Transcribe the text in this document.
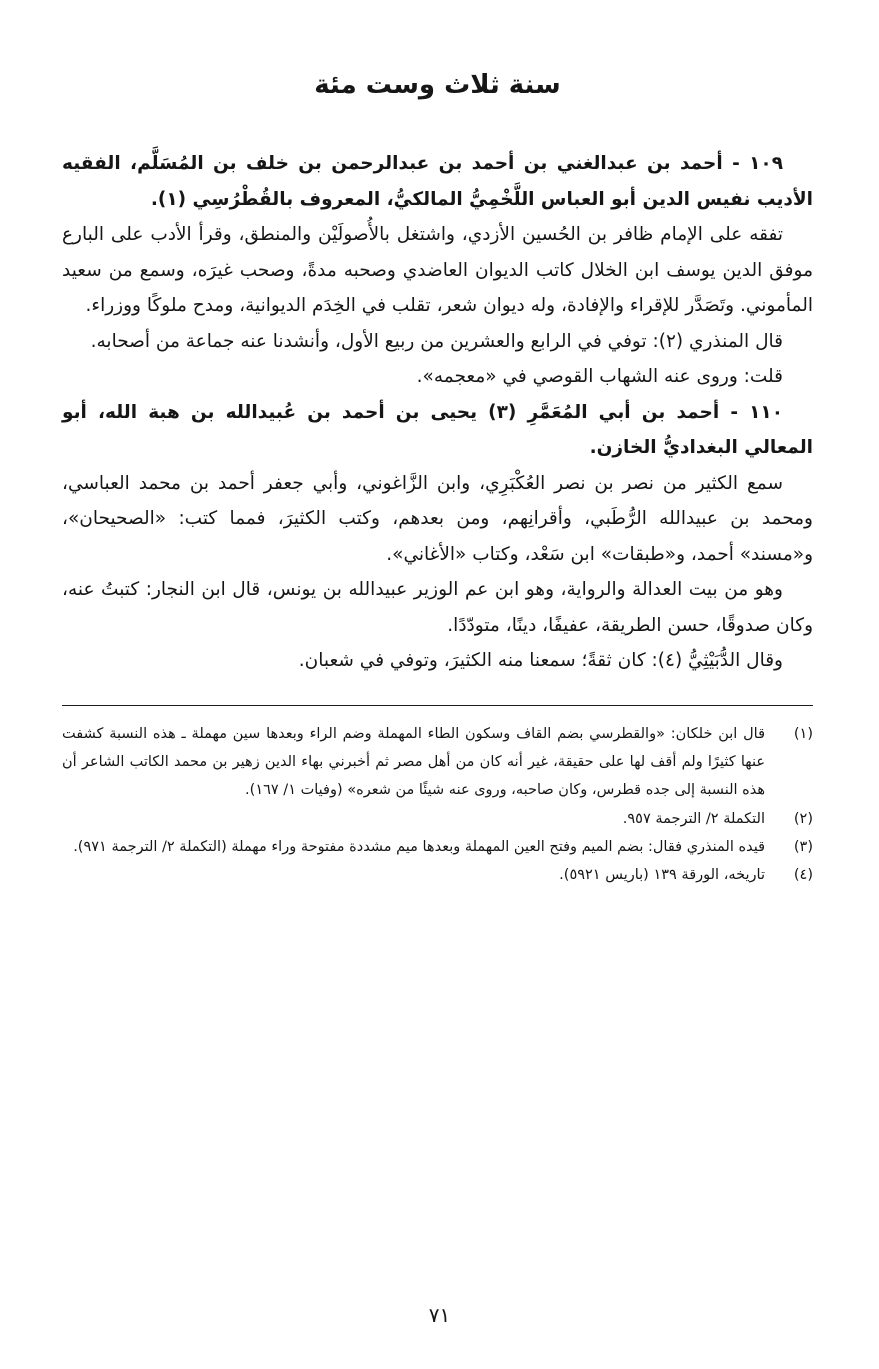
سنة ثلاث وست مئة

١٠٩ - أحمد بن عبدالغني بن أحمد بن عبدالرحمن بن خلف بن المُسَلَّم، الفقيه الأديب نفيس الدين أبو العباس اللَّخْمِيُّ المالكيُّ، المعروف بالقُطْرُسِي (١).

تفقه على الإمام ظافر بن الحُسين الأزدي، واشتغل بالأُصولَيْن والمنطق، وقرأ الأدب على البارع موفق الدين يوسف ابن الخلال كاتب الديوان العاضدي وصحبه مدةً، وصحب غيرَه، وسمع من سعيد المأموني. وتَصَدَّر للإقراء والإفادة، وله ديوان شعر، تقلب في الخِدَم الديوانية، ومدح ملوكًا ووزراء.

قال المنذري (٢): توفي في الرابع والعشرين من ربيع الأول، وأنشدنا عنه جماعة من أصحابه.

قلت: وروى عنه الشهاب القوصي في «معجمه».

١١٠ - أحمد بن أبي المُعَمَّرِ (٣) يحيى بن أحمد بن عُبيدالله بن هبة الله، أبو المعالي البغداديُّ الخازن.

سمع الكثير من نصر بن نصر العُكْبَرِي، وابن الزَّاغوني، وأبي جعفر أحمد بن محمد العباسي، ومحمد بن عبيدالله الرُّطَبي، وأقرانِهم، ومن بعدهم، وكتب الكثيرَ، فمما كتب: «الصحيحان»، و«مسند» أحمد، و«طبقات» ابن سَعْد، وكتاب «الأغاني».

وهو من بيت العدالة والرواية، وهو ابن عم الوزير عبيدالله بن يونس، قال ابن النجار: كتبتُ عنه، وكان صدوقًا، حسن الطريقة، عفيفًا، دينًا، متودّدًا.

وقال الدُّبَيْثِيُّ (٤): كان ثقةً؛ سمعنا منه الكثيرَ، وتوفي في شعبان.

(١)
قال ابن خلكان: «والقطرسي بضم القاف وسكون الطاء المهملة وضم الراء وبعدها سين مهملة ـ هذه النسبة كشفت عنها كثيرًا ولم أقف لها على حقيقة، غير أنه كان من أهل مصر ثم أخبرني بهاء الدين زهير بن محمد الكاتب الشاعر أن هذه النسبة إلى جده قطرس، وكان صاحبه، وروى عنه شيئًا من شعره» (وفيات ١/ ١٦٧).
(٢)
التكملة ٢/ الترجمة ٩٥٧.
(٣)
قيده المنذري فقال: بضم الميم وفتح العين المهملة وبعدها ميم مشددة مفتوحة وراء مهملة (التكملة ٢/ الترجمة ٩٧١).
(٤)
تاريخه، الورقة ١٣٩ (باريس ٥٩٢١).
٧١
